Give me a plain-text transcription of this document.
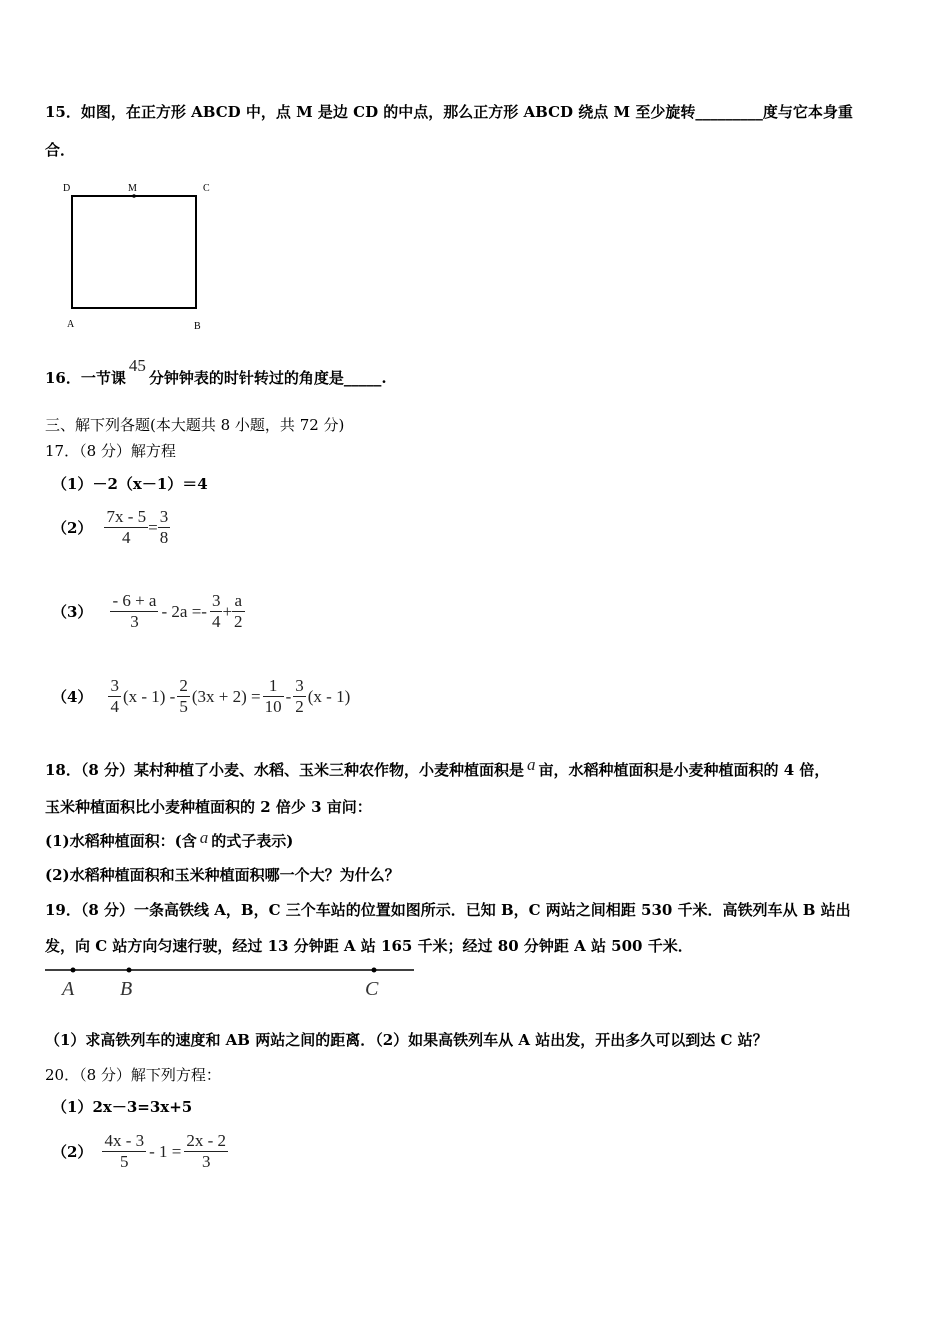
15．如图，在正方形 ABCD 中，点 M 是边 CD 的中点，那么正方形 ABCD 绕点 M 至少旋转_________度与它本身重
合．
D	M	C
A	B
16．一节课45分钟钟表的时针转过的角度是_____.
三、解下列各题(本大题共 8 小题，共 72 分)
17．（8 分）解方程
（1）－2（x－1）＝4
$(2) \frac{7x - 5}{4} = \frac{3}{8}$
$(3) \frac{- 6 + a}{3} - 2a =- \frac{3}{4} + \frac{a}{2}$
$(4) \frac{3}{4} (x - 1) - \frac{2}{5} (3x + 2) = \frac{1}{10} - \frac{3}{2} (x - 1)$
18．（8 分）某村种植了小麦、水稻、玉米三种农作物，小麦种植面积是 a 亩，水稻种植面积是小麦种植面积的 4 倍，
玉米种植面积比小麦种植面积的 2 倍少 3 亩问：
(1)水稻种植面积：(含 a 的式子表示)
(2)水稻种植面积和玉米种植面积哪一个大？为什么？
19．（8 分）一条高铁线 A，B，C 三个车站的位置如图所示．已知 B，C 两站之间相距 530 千米．高铁列车从 B 站出
发，向 C 站方向匀速行驶，经过 13 分钟距 A 站 165 千米；经过 80 分钟距 A 站 500 千米．
A B	C
（1）求高铁列车的速度和 AB 两站之间的距离．（2）如果高铁列车从 A 站出发，开出多久可以到达 C 站？
20．（8 分）解下列方程：
（1）2x－3=3x+5
$(2) \frac{4x - 3}{5} - 1 = \frac{2x - 2}{3}$
